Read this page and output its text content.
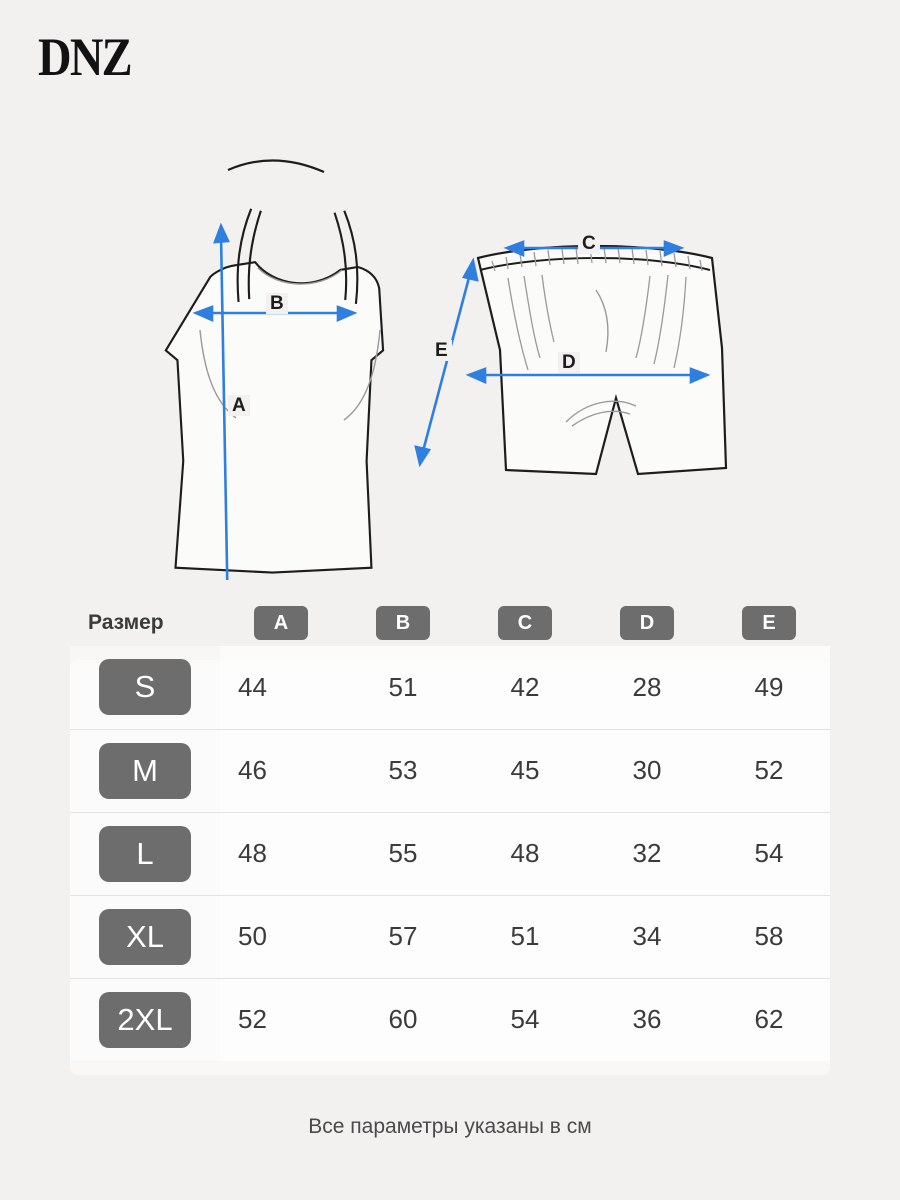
DNZ
B
A
C
D
E
Размер	A	B	C	D	E
S	44	51	42	28	49
M	46	53	45	30	52
L	48	55	48	32	54
XL	50	57	51	34	58
2XL	52	60	54	36	62
Все параметры указаны в см
